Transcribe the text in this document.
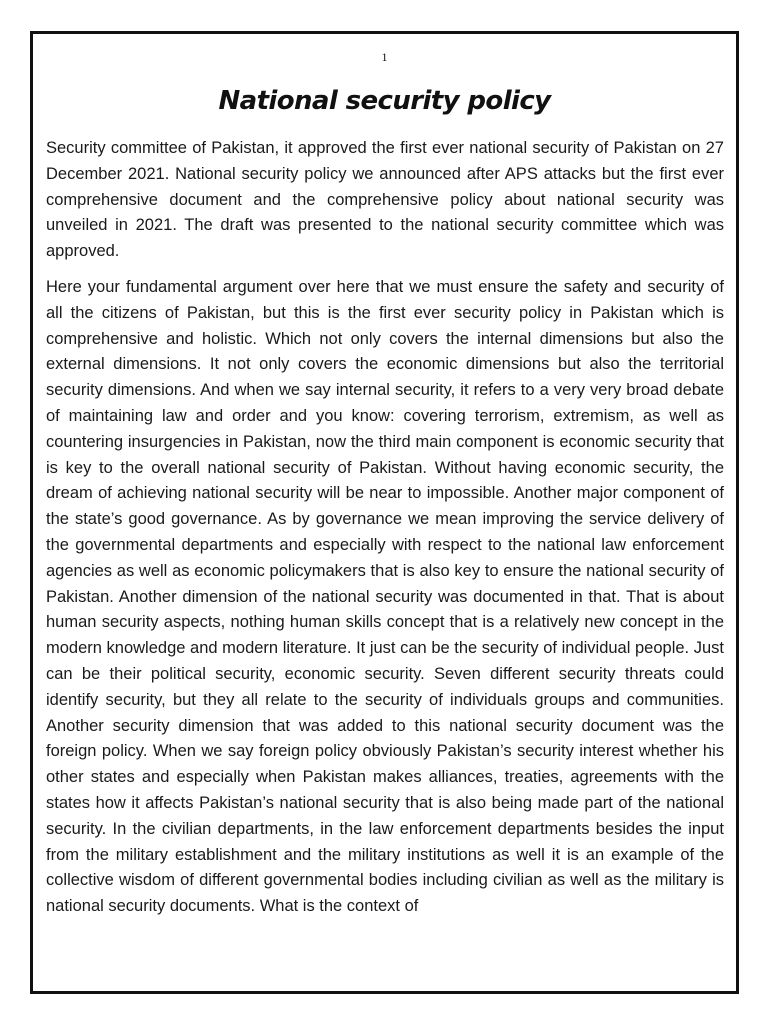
1
National security policy

Security committee of Pakistan, it approved the first ever national security of Pakistan on 27 December 2021. National security policy we announced after APS attacks but the first ever comprehensive document and the comprehensive policy about national security was unveiled in 2021. The draft was presented to the national security committee which was approved.

Here your fundamental argument over here that we must ensure the safety and security of all the citizens of Pakistan, but this is the first ever security policy in Pakistan which is comprehensive and holistic. Which not only covers the internal dimensions but also the external dimensions. It not only covers the economic dimensions but also the territorial security dimensions. And when we say internal security, it refers to a very very broad debate of maintaining law and order and you know: covering terrorism, extremism, as well as countering insurgencies in Pakistan, now the third main component is economic security that is key to the overall national security of Pakistan. Without having economic security, the dream of achieving national security will be near to impossible. Another major component of the state’s good governance. As by governance we mean improving the service delivery of the governmental departments and especially with respect to the national law enforcement agencies as well as economic policymakers that is also key to ensure the national security of Pakistan. Another dimension of the national security was documented in that. That is about human security aspects, nothing human skills concept that is a relatively new concept in the modern knowledge and modern literature. It just can be the security of individual people. Just can be their political security, economic security. Seven different security threats could identify security, but they all relate to the security of individuals groups and communities. Another security dimension that was added to this national security document was the foreign policy. When we say foreign policy obviously Pakistan’s security interest whether his other states and especially when Pakistan makes alliances, treaties, agreements with the states how it affects Pakistan’s national security that is also being made part of the national security. In the civilian departments, in the law enforcement departments besides the input from the military establishment and the military institutions as well it is an example of the collective wisdom of different governmental bodies including civilian as well as the military is national security documents. What is the context of
